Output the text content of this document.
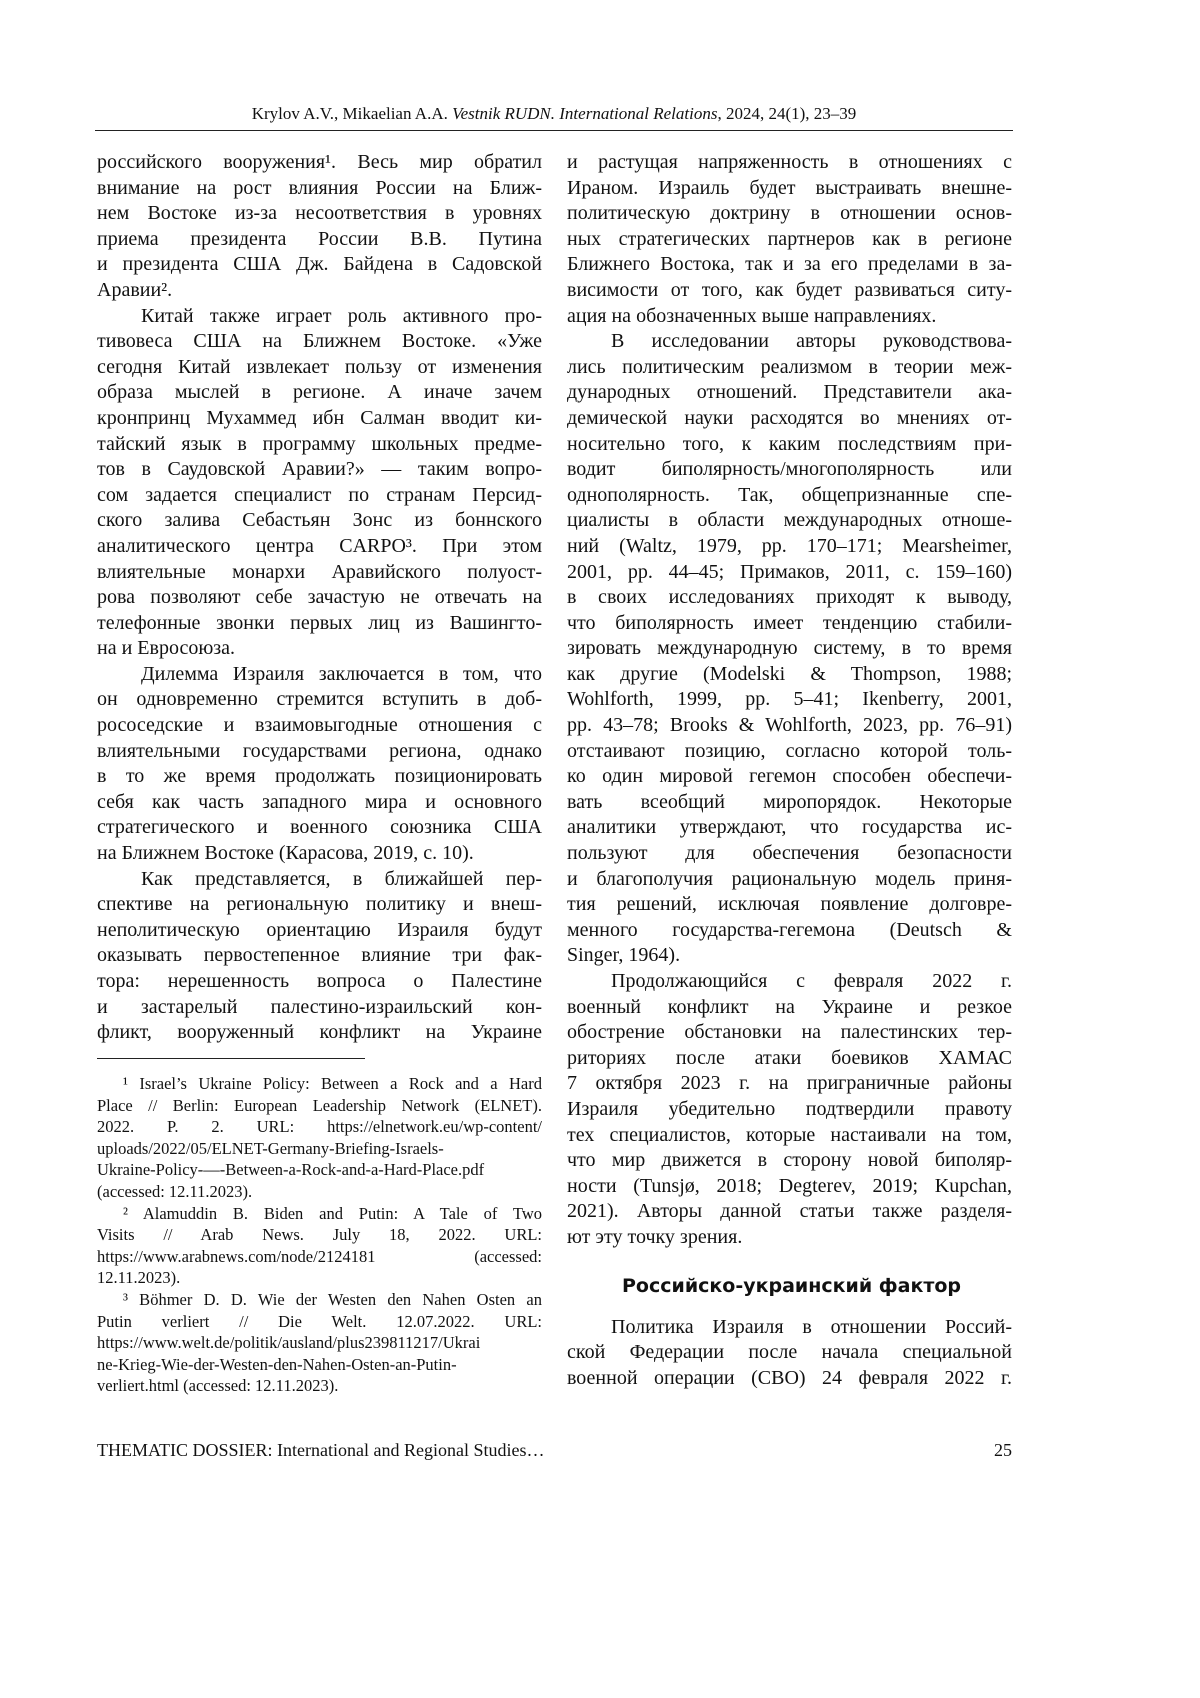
Krylov A.V., Mikaelian A.A. Vestnik RUDN. International Relations, 2024, 24(1), 23–39
российского вооружения¹. Весь мир обратил
внимание на рост влияния России на Ближ-
нем Востоке из-за несоответствия в уровнях
приема президента России В.В. Путина
и президента США Дж. Байдена в Садовской
Аравии².
Китай также играет роль активного про-
тивовеса США на Ближнем Востоке. «Уже
сегодня Китай извлекает пользу от изменения
образа мыслей в регионе. А иначе зачем
кронпринц Мухаммед ибн Салман вводит ки-
тайский язык в программу школьных предме-
тов в Саудовской Аравии?» — таким вопро-
сом задается специалист по странам Персид-
ского залива Себастьян Зонс из боннского
аналитического центра CARPO³. При этом
влиятельные монархи Аравийского полуост-
рова позволяют себе зачастую не отвечать на
телефонные звонки первых лиц из Вашингто-
на и Евросоюза.
Дилемма Израиля заключается в том, что
он одновременно стремится вступить в доб-
рососедские и взаимовыгодные отношения с
влиятельными государствами региона, однако
в то же время продолжать позиционировать
себя как часть западного мира и основного
стратегического и военного союзника США
на Ближнем Востоке (Карасова, 2019, с. 10).
Как представляется, в ближайшей пер-
спективе на региональную политику и внеш-
неполитическую ориентацию Израиля будут
оказывать первостепенное влияние три фак-
тора: нерешенность вопроса о Палестине
и застарелый палестино-израильский кон-
фликт, вооруженный конфликт на Украине
и растущая напряженность в отношениях с
Ираном. Израиль будет выстраивать внешне-
политическую доктрину в отношении основ-
ных стратегических партнеров как в регионе
Ближнего Востока, так и за его пределами в за-
висимости от того, как будет развиваться ситу-
ация на обозначенных выше направлениях.
В исследовании авторы руководствова-
лись политическим реализмом в теории меж-
дународных отношений. Представители ака-
демической науки расходятся во мнениях от-
носительно того, к каким последствиям при-
водит биполярность/многополярность или
однополярность. Так, общепризнанные спе-
циалисты в области международных отноше-
ний (Waltz, 1979, pp. 170–171; Mearsheimer,
2001, pp. 44–45; Примаков, 2011, с. 159–160)
в своих исследованиях приходят к выводу,
что биполярность имеет тенденцию стабили-
зировать международную систему, в то время
как другие (Modelski & Thompson, 1988;
Wohlforth, 1999, pp. 5–41; Ikenberry, 2001,
pp. 43–78; Brooks & Wohlforth, 2023, pp. 76–91)
отстаивают позицию, согласно которой толь-
ко один мировой гегемон способен обеспечи-
вать всеобщий миропорядок. Некоторые
аналитики утверждают, что государства ис-
пользуют для обеспечения безопасности
и благополучия рациональную модель приня-
тия решений, исключая появление долговре-
менного государства-гегемона (Deutsch &
Singer, 1964).
Продолжающийся с февраля 2022 г.
военный конфликт на Украине и резкое
обострение обстановки на палестинских тер-
риториях после атаки боевиков ХАМАС
7 октября 2023 г. на приграничные районы
Израиля убедительно подтвердили правоту
тех специалистов, которые настаивали на том,
что мир движется в сторону новой биполяр-
ности (Tunsjø, 2018; Degterev, 2019; Kupchan,
2021). Авторы данной статьи также разделя-
ют эту точку зрения.
Российско-украинский фактор
Политика Израиля в отношении Россий-
ской Федерации после начала специальной
военной операции (СВО) 24 февраля 2022 г.
¹ Israel’s Ukraine Policy: Between a Rock and a Hard
Place // Berlin: European Leadership Network (ELNET).
2022. P. 2. URL: https://elnetwork.eu/wp-content/
uploads/2022/05/ELNET-Germany-Briefing-Israels-
Ukraine-Policy-—-Between-a-Rock-and-a-Hard-Place.pdf
(accessed: 12.11.2023).
² Alamuddin B. Biden and Putin: A Tale of Two
Visits // Arab News. July 18, 2022. URL:
https://www.arabnews.com/node/2124181 (accessed:
12.11.2023).
³ Böhmer D. D. Wie der Westen den Nahen Osten an
Putin verliert // Die Welt. 12.07.2022. URL:
https://www.welt.de/politik/ausland/plus239811217/Ukrai
ne-Krieg-Wie-der-Westen-den-Nahen-Osten-an-Putin-
verliert.html (accessed: 12.11.2023).
THEMATIC DOSSIER: International and Regional Studies…	25
